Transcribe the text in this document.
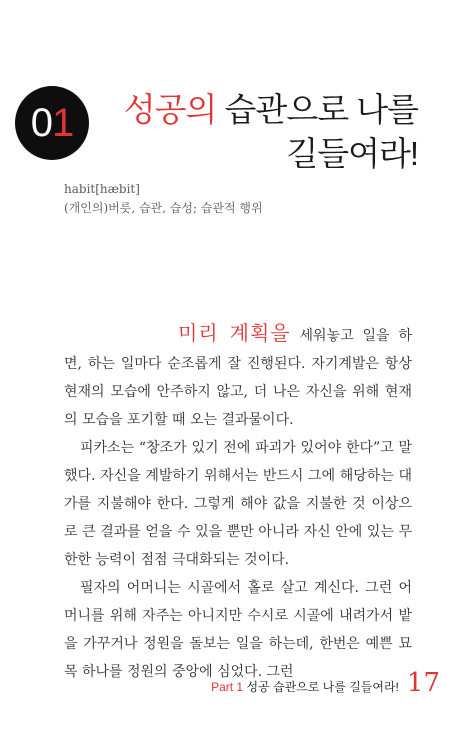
0 1 성공의 습관으로 나를
길들여라!
habit[hæbit]
(개인의)버릇, 습관, 습성; 습관적 행위

미리 계획을 세워놓고 일을 하면, 하는 일마다 순조롭게 잘 진행된다. 자기계발은 항상 현재의 모습에 안주하지 않고, 더 나은 자신을 위해 현재의 모습을 포기할 때 오는 결과물이다.

피카소는 “창조가 있기 전에 파괴가 있어야 한다”고 말했다. 자신을 계발하기 위해서는 반드시 그에 해당하는 대가를 지불해야 한다. 그렇게 해야 값을 지불한 것 이상으로 큰 결과를 얻을 수 있을 뿐만 아니라 자신 안에 있는 무한한 능력이 점점 극대화되는 것이다.

필자의 어머니는 시골에서 홀로 살고 계신다. 그런 어머니를 위해 자주는 아니지만 수시로 시골에 내려가서 밭을 가꾸거나 정원을 돌보는 일을 하는데, 한번은 예쁜 묘목 하나를 정원의 중앙에 심었다. 그런

Part 1 성공 습관으로 나를 길들여라! 17
